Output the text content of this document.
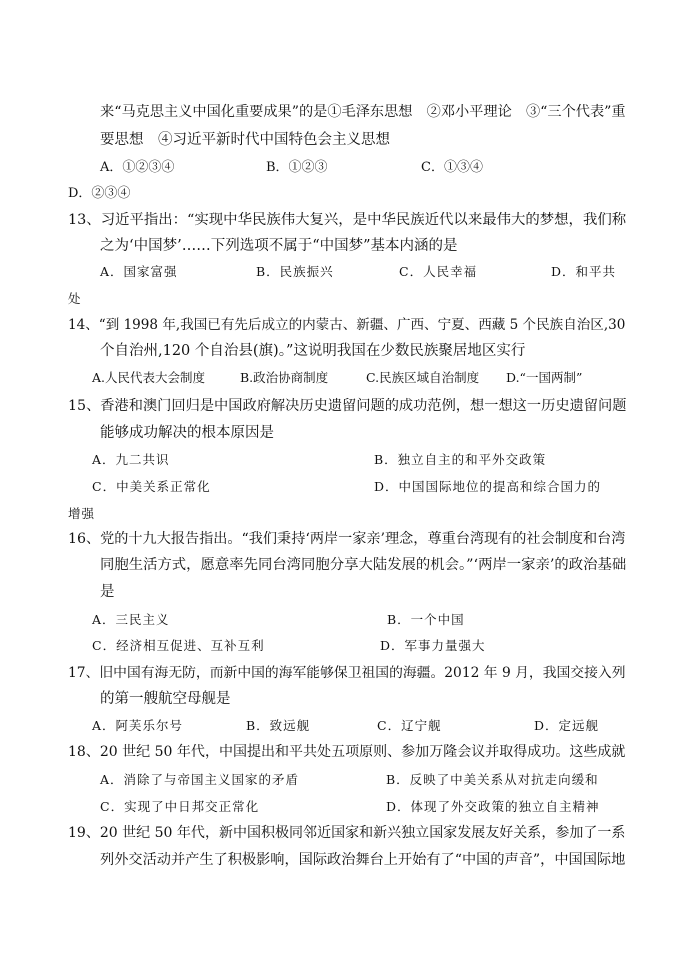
来“马克思主义中国化重要成果”的是①毛泽东思想　②邓小平理论　③“三个代表”重
要思想　④习近平新时代中国特色会主义思想
A．①②③④	B．①②③	C．①③④
D．②③④
13、习近平指出：“实现中华民族伟大复兴，是中华民族近代以来最伟大的梦想，我们称
之为‘中国梦’……下列选项不属于“中国梦”基本内涵的是
A．国家富强	B．民族振兴	C．人民幸福	D．和平共
处
14、“到 1998 年,我国已有先后成立的内蒙古、新疆、广西、宁夏、西藏 5 个民族自治区,30
个自治州,120 个自治县(旗)。”这说明我国在少数民族聚居地区实行
A.人民代表大会制度	B.政治协商制度	C.民族区域自治制度 D.“一国两制”
15、香港和澳门回归是中国政府解决历史遗留问题的成功范例，想一想这一历史遗留问题
能够成功解决的根本原因是
A．九二共识	B．独立自主的和平外交政策
C．中美关系正常化	D．中国国际地位的提高和综合国力的
增强
16、党的十九大报告指出。“我们秉持‘两岸一家亲’理念，尊重台湾现有的社会制度和台湾
同胞生活方式，愿意率先同台湾同胞分享大陆发展的机会。”‘两岸一家亲’的政治基础
是
A．三民主义	B．一个中国
C．经济相互促进、互补互利	D．军事力量强大
17、旧中国有海无防，而新中国的海军能够保卫祖国的海疆。2012 年 9 月，我国交接入列
的第一艘航空母舰是
A．阿芙乐尔号	B．致远舰	C．辽宁舰	D．定远舰
18、20 世纪 50 年代，中国提出和平共处五项原则、参加万隆会议并取得成功。这些成就
A．消除了与帝国主义国家的矛盾	B．反映了中美关系从对抗走向缓和
C．实现了中日邦交正常化	D．体现了外交政策的独立自主精神
19、20 世纪 50 年代，新中国积极同邻近国家和新兴独立国家发展友好关系，参加了一系
列外交活动并产生了积极影响，国际政治舞台上开始有了“中国的声音”，中国国际地
